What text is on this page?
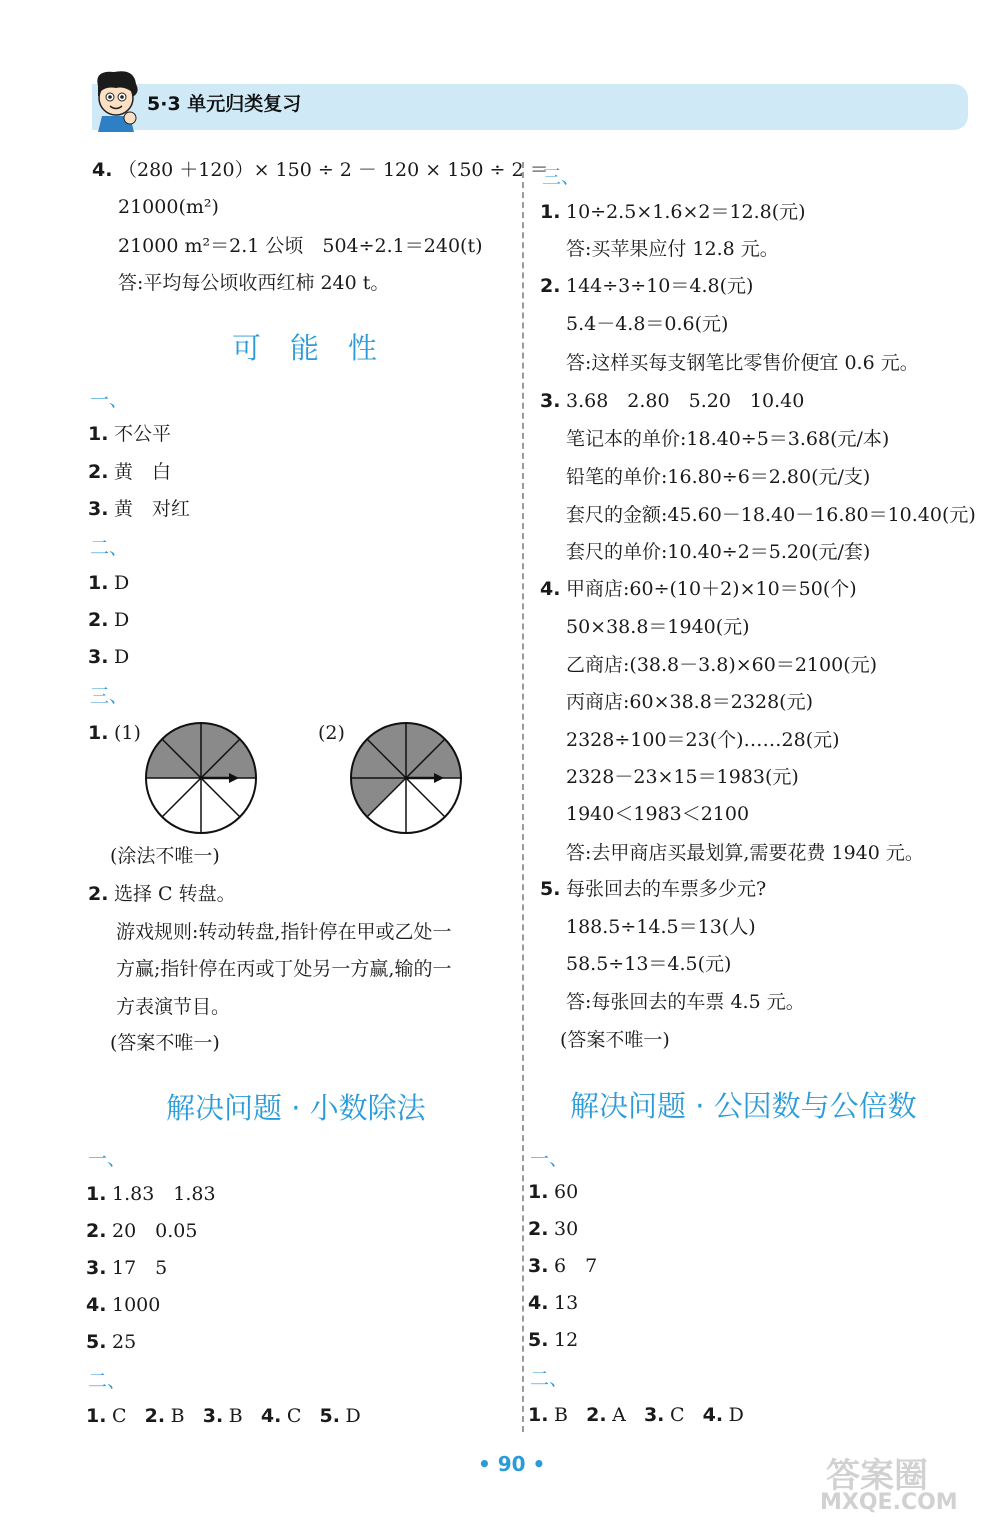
5·3 单元归类复习
4. （280 ＋120）× 150 ÷ 2 － 120 × 150 ÷ 2 ＝
21000(m²)
21000 m²＝2.1 公顷　504÷2.1＝240(t)
答:平均每公顷收西红柿 240 t。
可　能　性
一、
1. 不公平
2. 黄　白
3. 黄　对红
二、
1. D
2. D
3. D
三、
1. (1)	(2)
(涂法不唯一)
2. 选择 C 转盘。
游戏规则:转动转盘,指针停在甲或乙处一
方赢;指针停在丙或丁处另一方赢,输的一
方表演节目。
(答案不唯一)
解决问题 · 小数除法
一、
1. 1.83　1.83
2. 20　0.05
3. 17　5
4. 1000
5. 25
二、
1. C 2. B 3. B 4. C 5. D
三、
1. 10÷2.5×1.6×2＝12.8(元)
答:买苹果应付 12.8 元。
2. 144÷3÷10＝4.8(元)
5.4－4.8＝0.6(元)
答:这样买每支钢笔比零售价便宜 0.6 元。
3. 3.68　2.80　5.20　10.40
笔记本的单价:18.40÷5＝3.68(元/本)
铅笔的单价:16.80÷6＝2.80(元/支)
套尺的金额:45.60－18.40－16.80＝10.40(元)
套尺的单价:10.40÷2＝5.20(元/套)
4. 甲商店:60÷(10＋2)×10＝50(个)
50×38.8＝1940(元)
乙商店:(38.8－3.8)×60＝2100(元)
丙商店:60×38.8＝2328(元)
2328÷100＝23(个)……28(元)
2328－23×15＝1983(元)
1940＜1983＜2100
答:去甲商店买最划算,需要花费 1940 元。
5. 每张回去的车票多少元?
188.5÷14.5＝13(人)
58.5÷13＝4.5(元)
答:每张回去的车票 4.5 元。
(答案不唯一)
解决问题 · 公因数与公倍数
一、
1. 60
2. 30
3. 6　7
4. 13
5. 12
二、
1. B 2. A 3. C 4. D
• 90 •	答案圈
MXQE.COM
